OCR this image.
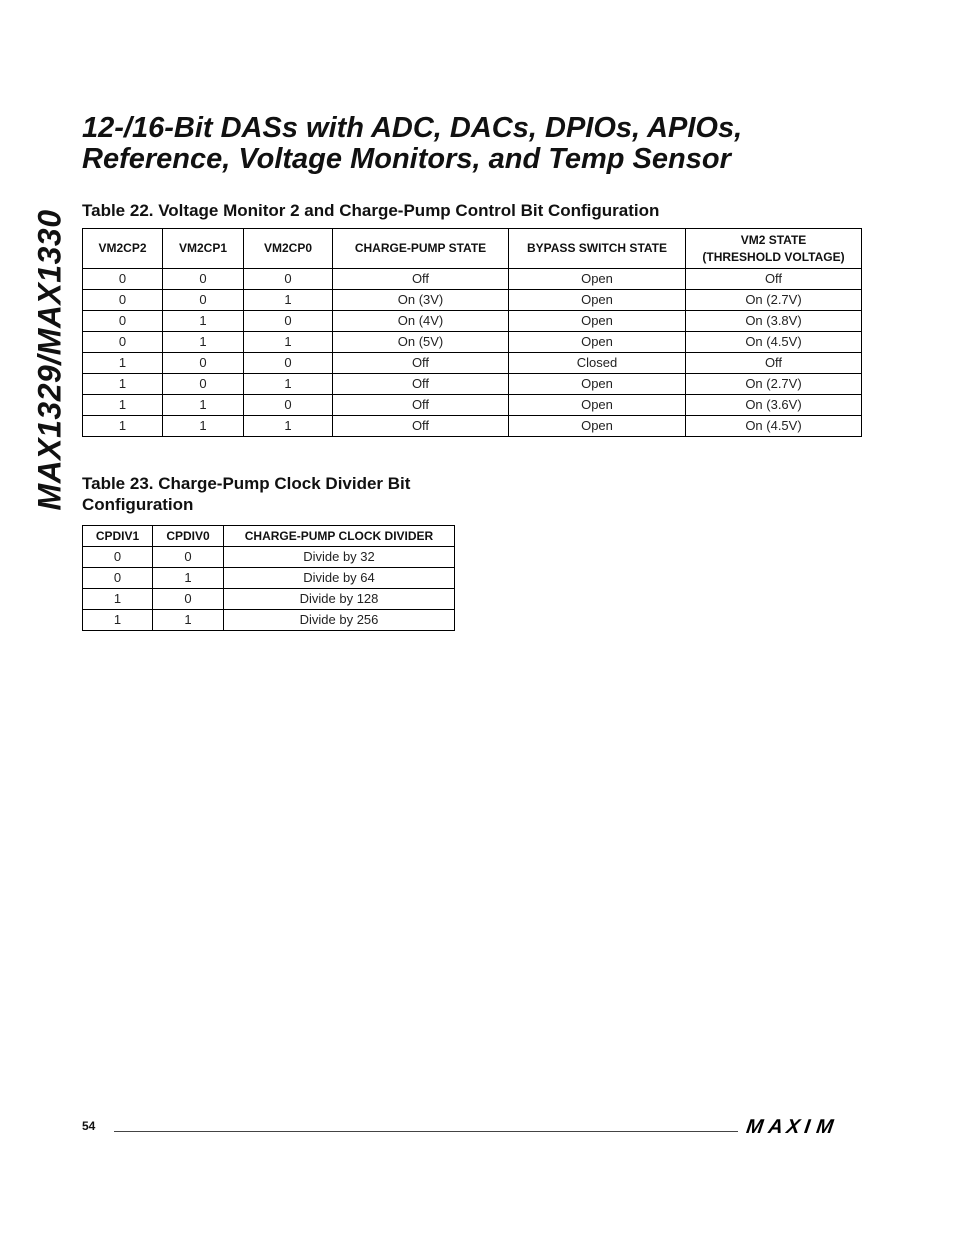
MAX1329/MAX1330
12-/16-Bit DASs with ADC, DACs, DPIOs, APIOs,
Reference, Voltage Monitors, and Temp Sensor
Table 22. Voltage Monitor 2 and Charge-Pump Control Bit Configuration
VM2CP2	VM2CP1	VM2CP0	CHARGE-PUMP STATE	BYPASS SWITCH STATE	VM2 STATE
(THRESHOLD VOLTAGE)

0	0	0	Off	Open	Off
0	0	1	On (3V)	Open	On (2.7V)
0	1	0	On (4V)	Open	On (3.8V)
0	1	1	On (5V)	Open	On (4.5V)
1	0	0	Off	Closed	Off
1	0	1	Off	Open	On (2.7V)
1	1	0	Off	Open	On (3.6V)
1	1	1	Off	Open	On (4.5V)
Table 23. Charge-Pump Clock Divider Bit
Configuration
CPDIV1	CPDIV0	CHARGE-PUMP CLOCK DIVIDER
0	0	Divide by 32
0	1	Divide by 64
1	0	Divide by 128
1	1	Divide by 256
54	M A X I M
